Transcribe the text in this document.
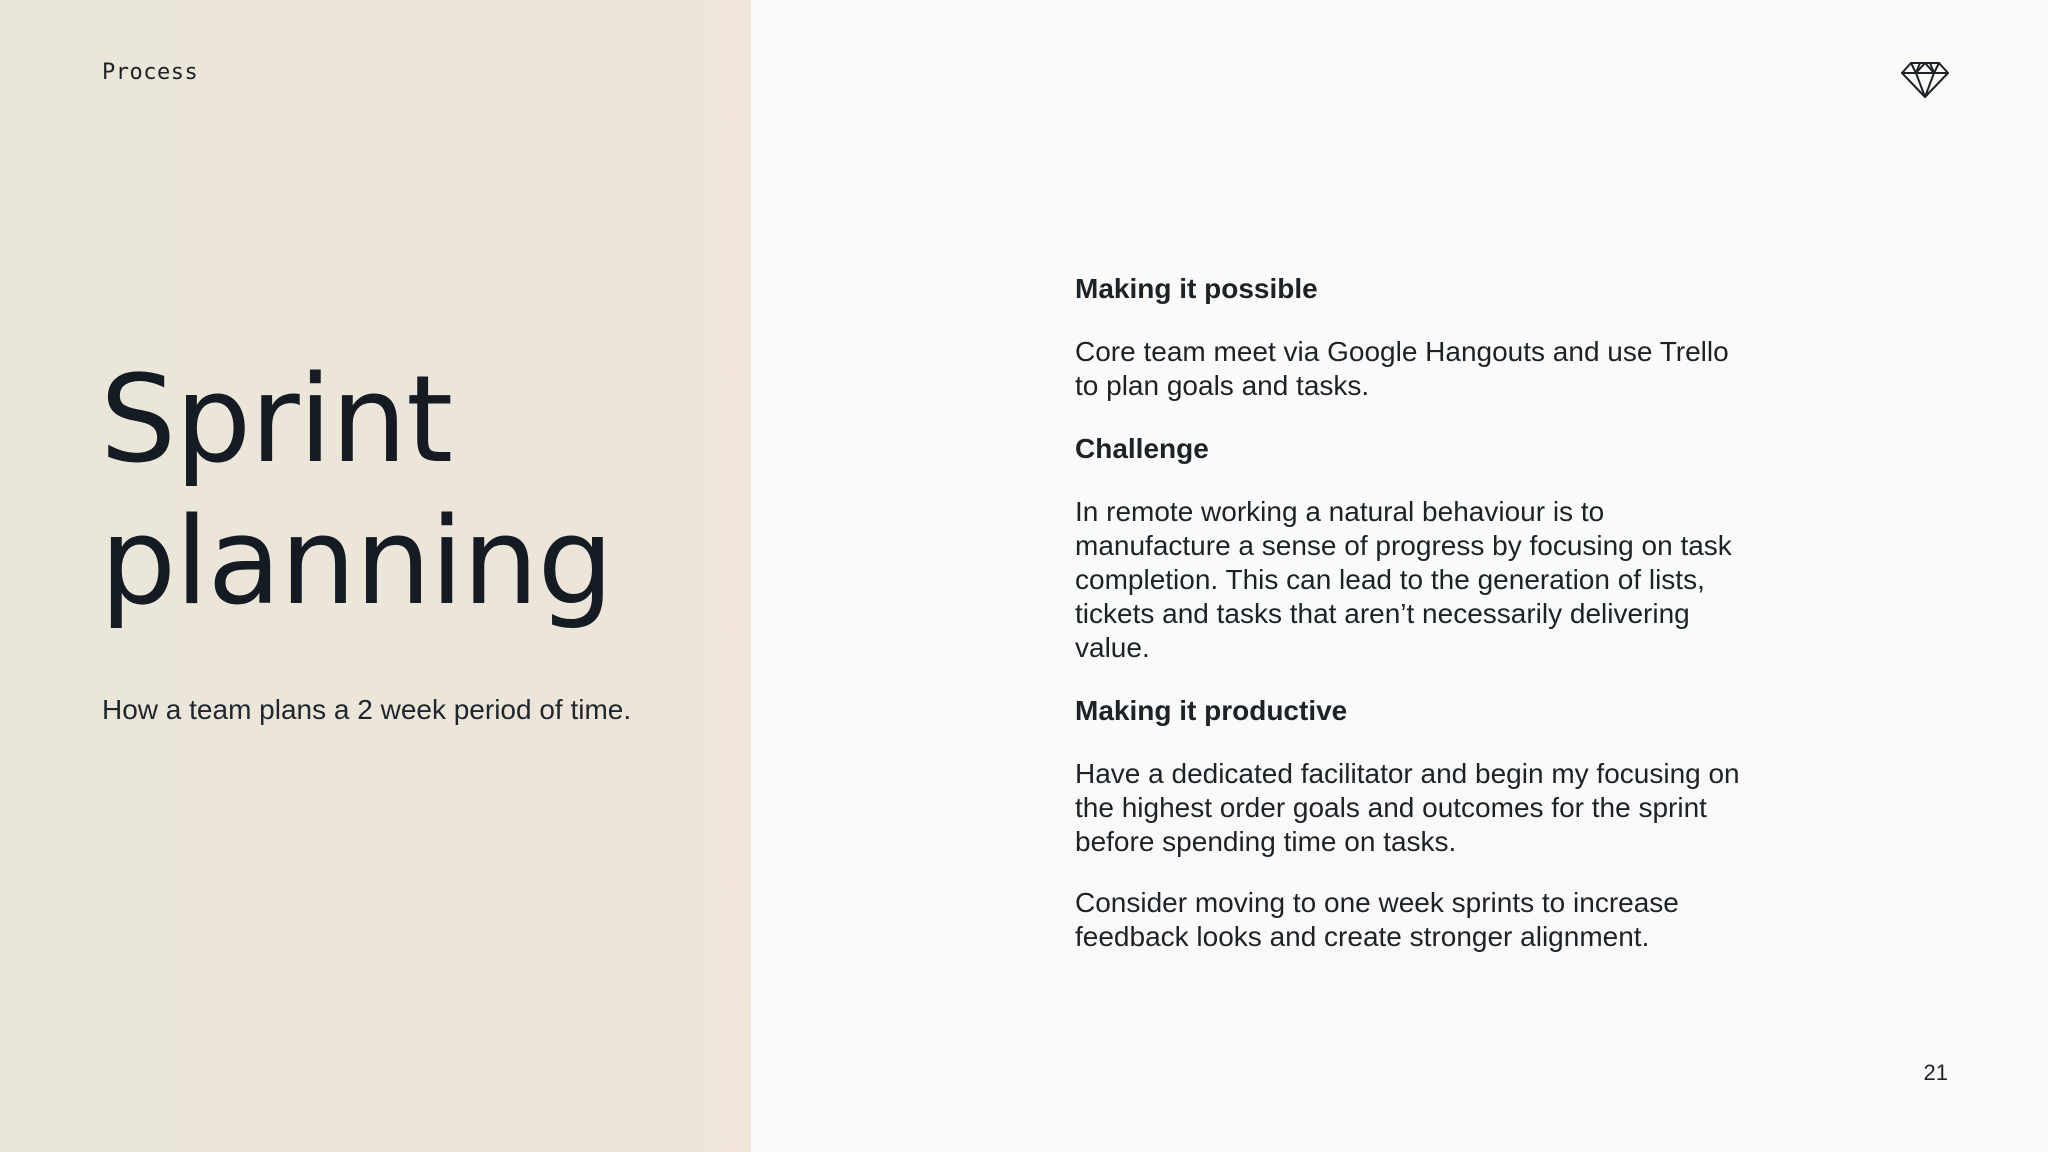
Process
Sprint
planning
How a team plans a 2 week period of time.
Making it possible

Core team meet via Google Hangouts and use Trello to plan goals and tasks.

Challenge

In remote working a natural behaviour is to manufacture a sense of progress by focusing on task completion. This can lead to the generation of lists, tickets and tasks that aren’t necessarily delivering value.

Making it productive

Have a dedicated facilitator and begin my focusing on the highest order goals and outcomes for the sprint before spending time on tasks.

Consider moving to one week sprints to increase feedback looks and create stronger alignment.

21
